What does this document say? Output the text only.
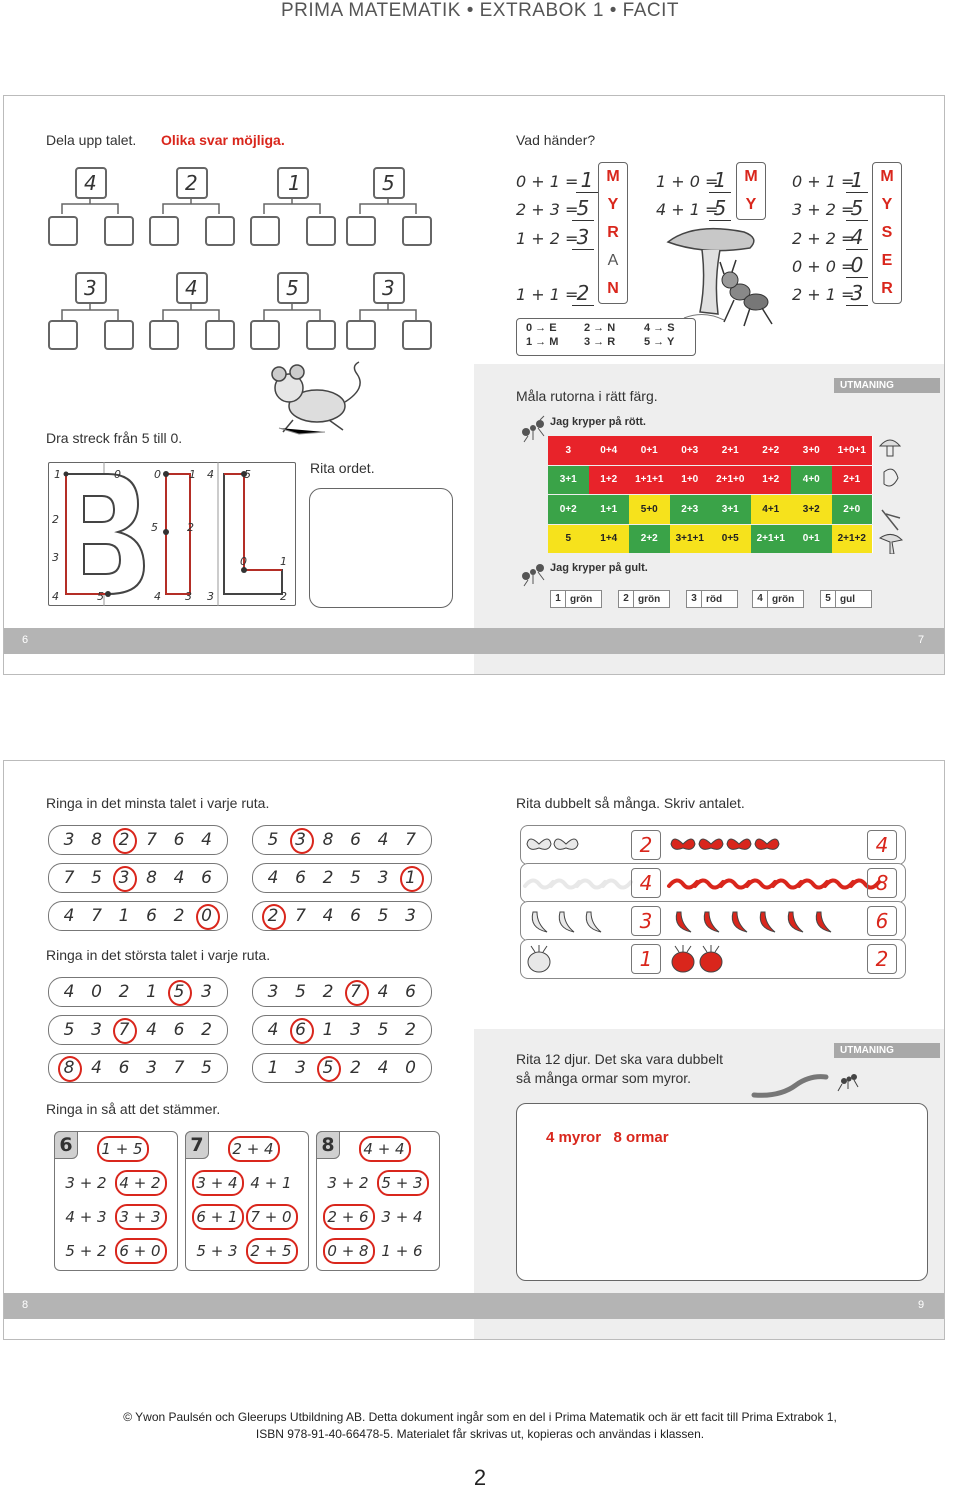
PRIMA MATEMATIK • EXTRABOK 1 • FACIT
Dela upp talet. Olika svar möjliga.
4	2	1	5
3	4	5	3
Dra streck från 5 till 0.
1	0	0	1 4	5
2
5	2
3	0	1
4	5	4 3 3	2
Rita ordet.
Vad händer?
0 + 1 = 1
2 + 3 =
5
1 + 2 =
3
1 + 1 =
2
M
Y
R
A
N
1 + 0 =
1
4 + 1 =
5
M
Y
0 + 1 =
1
3 + 2 =
5
2 + 2 =
4
0 + 0 =
0
2 + 1 =
3
M
Y
S
E
R
0 → E 2 → N	4 → S
1 → M 3 → R	5 → Y
Måla rutorna i rätt färg.
UTMANING
Jag kryper på rött.
3	0+4	0+1	0+3	2+1	2+2	3+0	1+0+1
3+1	1+2	1+1+1	1+0	2+1+0	1+2	4+0	2+1
0+2	1+1	5+0	2+3	3+1	4+1	3+2	2+0
5	1+4	2+2	3+1+1	0+5	2+1+1	0+1	2+1+2
Jag kryper på gult.
1 grön	2 grön	3 röd	4 grön	5 gul
6	7
Ringa in det minsta talet i varje ruta.
3 8 2 7 6 4	5 3 8 6 4 7
7 5 3 8 4 6	4 6 2 5 3 1
4 7 1 6 2 0	2 7 4 6 5 3
Ringa in det största talet i varje ruta.
4 0 2 1 5 3	3 5 2 7 4 6
5 3 7 4 6 2	4 6 1 3 5 2
8 4 6 3 7 5	1 3 5 2 4 0
Ringa in så att det stämmer.
6	1 + 5
3 + 2 4 + 2
4 + 3 3 + 3
5 + 2 6 + 0
7	2 + 4
3 + 4 4 + 1
6 + 1 7 + 0
5 + 3 2 + 5
8	4 + 4
3 + 2 5 + 3
2 + 6 3 + 4
0 + 8 1 + 6
Rita dubbelt så många. Skriv antalet.
2	4
4	8
3	6
1	2
Rita 12 djur. Det ska vara dubbelt
så många ormar som myror.
UTMANING
4 myror   8 ormar
8	9
© Ywon Paulsén och Gleerups Utbildning AB. Detta dokument ingår som en del i Prima Matematik och är ett facit till Prima Extrabok 1,
ISBN 978-91-40-66478-5. Materialet får skrivas ut, kopieras och användas i klassen.
2
